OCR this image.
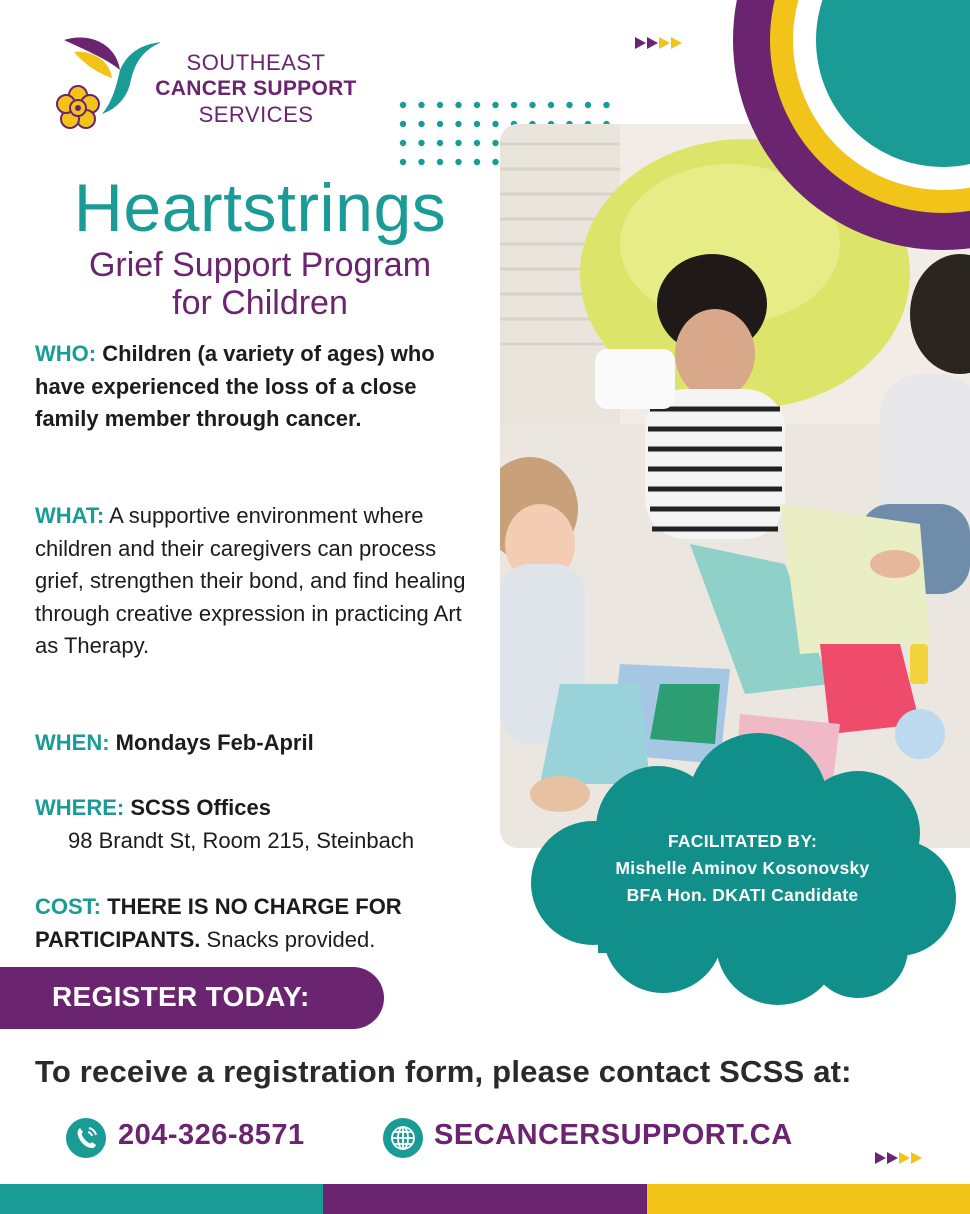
SOUTHEAST
CANCER SUPPORT
SERVICES
Heartstrings
Grief Support Program
for Children
WHO: Children (a variety of ages) who have experienced the loss of a close family member through cancer.
WHAT: A supportive environment where children and their caregivers can process grief, strengthen their bond, and find healing through creative expression in practicing Art as Therapy.
WHEN: Mondays Feb-April
WHERE: SCSS Offices
98 Brandt St, Room 215, Steinbach
COST: THERE IS NO CHARGE FOR PARTICIPANTS. Snacks provided.
FACILITATED BY:
Mishelle Aminov Kosonovsky
BFA Hon. DKATI Candidate
REGISTER TODAY:
To receive a registration form, please contact SCSS at:
204-326-8571	SECANCERSUPPORT.CA
